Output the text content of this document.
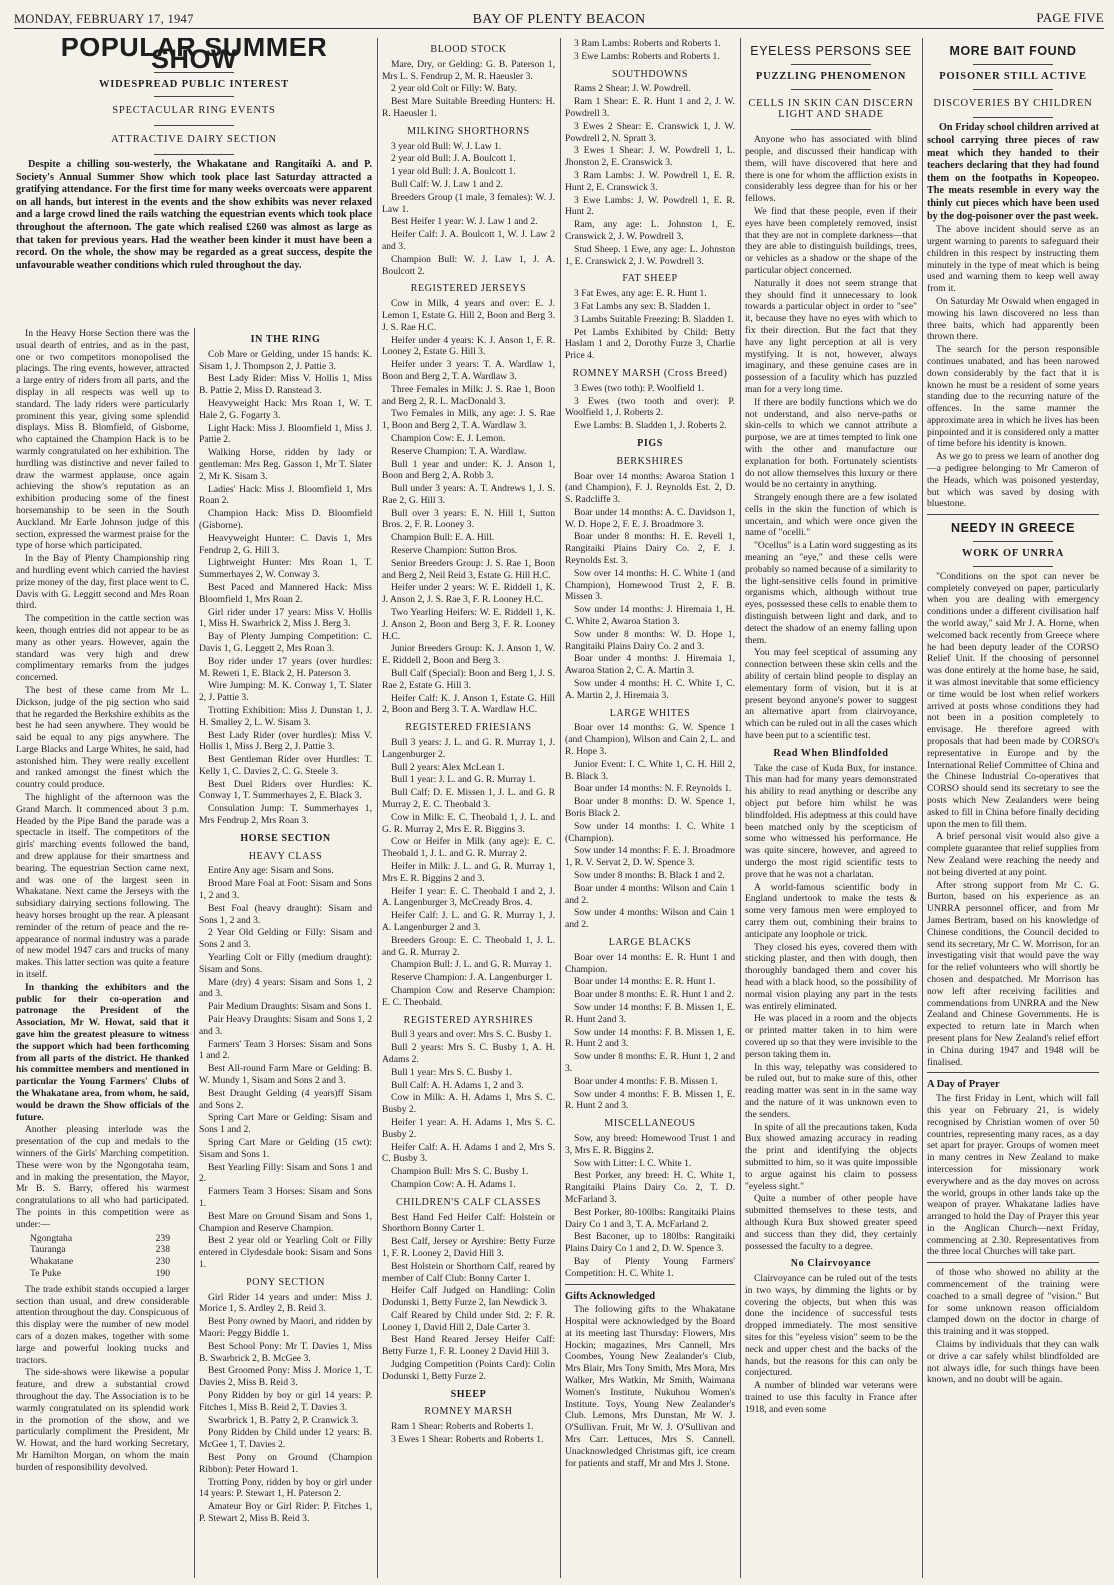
MONDAY, FEBRUARY 17, 1947	BAY OF PLENTY BEACON	PAGE FIVE
POPULAR SUMMER SHOW
WIDESPREAD PUBLIC INTEREST
SPECTACULAR RING EVENTS
ATTRACTIVE DAIRY SECTION

Despite a chilling sou-westerly, the Whakatane and Rangitaiki A. and P. Society's Annual Summer Show which took place last Saturday attracted a gratifying attendance. For the first time for many weeks overcoats were apparent on all hands, but interest in the events and the show exhibits was never relaxed and a large crowd lined the rails watching the equestrian events which took place throughout the afternoon. The gate which realised £260 was almost as large as that taken for previous years. Had the weather been kinder it must have been a record. On the whole, the show may be regarded as a great success, despite the unfavourable weather conditions which ruled throughout the day.

In the Heavy Horse Section there was the usual dearth of entries, and as in the past, one or two competitors monopolised the placings. The ring events, however, attracted a large entry of riders from all parts, and the display in all respects was well up to standard. The lady riders were particularly prominent this year, giving some splendid displays. Miss B. Blomfield, of Gisborne, who captained the Champion Hack is to be warmly congratulated on her exhibition. The hurdling was distinctive and never failed to draw the warmest applause, once again achieving the show's reputation as an exhibition producing some of the finest horsemanship to be seen in the South Auckland. Mr Earle Johnson judge of this section, expressed the warmest praise for the type of horse which participated.

In the Bay of Plenty Championship ring and hurdling event which carried the haviest prize money of the day, first place went to C. Davis with G. Leggitt second and Mrs Roan third.

The competition in the cattle section was keen, though entries did not appear to be as many as other years. However, again the standard was very high and drew complimentary remarks from the judges concerned.

The best of these came from Mr L. Dickson, judge of the pig section who said that he regarded the Berkshire exhibits as the best he had seen anywhere. They would be said be equal to any pigs anywhere. The Large Blacks and Large Whites, he said, had astonished him. They were really excellent and ranked amongst the finest which the country could produce.

The highlight of the afternoon was the Grand March. It commenced about 3 p.m. Headed by the Pipe Band the parade was a spectacle in itself. The competitors of the girls' marching events followed the band, and drew applause for their smartness and bearing. The equestrian Section came next, and was one of the largest seen in Whakatane. Next came the Jerseys with the subsidiary dairying sections following. The heavy horses brought up the rear. A pleasant reminder of the return of peace and the re-appearance of normal industry was a parade of new model 1947 cars and trucks of many makes. This latter section was quite a feature in itself.

In thanking the exhibitors and the public for their co-operation and patronage the President of the Association, Mr W. Howat, said that it gave him the greatest pleasure to witness the support which had been forthcoming from all parts of the district. He thanked his committee members and mentioned in particular the Young Farmers' Clubs of the Whakatane area, from whom, he said, would be drawn the Show officials of the future.

Another pleasing interlude was the presentation of the cup and medals to the winners of the Girls' Marching competition. These were won by the Ngongotaha team, and in making the presentation, the Mayor, Mr B. S. Barry, offered his warmest congratulations to all who had participated. The points in this competition were as under:—

Ngongtaha	239
Tauranga	238
Whakatane	230
Te Puke	190

The trade exhibit stands occupied a larger section than usual, and drew considerable attention throughout the day. Conspicuous of this display were the number of new model cars of a dozen makes, together with some large and powerful looking trucks and tractors.

The side-shows were likewise a popular feature, and drew a substantial crowd throughout the day. The Association is to be warmly congratulated on its splendid work in the promotion of the show, and we particularly compliment the President, Mr W. Howat, and the hard working Secretary, Mr Hamilton Morgan, on whom the main burden of responsibility devolved.

IN THE RING

Cob Mare or Gelding, under 15 hands: K. Sisam 1, J. Thompson 2, J. Pattie 3.

Best Lady Rider: Miss V. Hollis 1, Miss B. Pattie 2, Miss D. Ranstead 3.

Heavyweight Hack: Mrs Roan 1, W. T. Hale 2, G. Fogarty 3.

Light Hack: Miss J. Bloomfield 1, Miss J. Pattie 2.

Walking Horse, ridden by lady or gentleman: Mrs Reg. Gasson 1, Mr T. Slater 2, Mr K. Sisam 3.

Ladies' Hack: Miss J. Bloomfield 1, Mrs Roan 2.

Champion Hack: Miss D. Bloomfield (Gisborne).

Heavyweight Hunter: C. Davis 1, Mrs Fendrup 2, G. Hill 3.

Lightweight Hunter: Mrs Roan 1, T. Summerhayes 2, W. Conway 3.

Best Paced and Mannered Hack: Miss Bloomfield 1, Mrs Roan 2.

Girl rider under 17 years: Miss V. Hollis 1, Miss H. Swarbrick 2, Miss J. Berg 3.

Bay of Plenty Jumping Competition: C. Davis 1, G. Leggett 2, Mrs Roan 3.

Boy rider under 17 years (over hurdles: M. Reweti 1, E. Black 2, H. Paterson 3.

Wire Jumping: M. K. Conway 1, T. Slater 2, J. Pattie 3.

Trotting Exhibition: Miss J. Dunstan 1, J. H. Smalley 2, L. W. Sisam 3.

Best Lady Rider (over hurdles): Miss V. Hollis 1, Miss J. Berg 2, J. Pattie 3.

Best Gentleman Rider over Hurdles: T. Kelly 1, C. Davies 2, C. G. Steele 3.

Best Duel Riders over Hurdles: K. Conway 1, T. Summerhayes 2, E. Black 3.

Consulation Jump: T. Summerhayes 1, Mrs Fendrup 2, Mrs Roan 3.

HORSE SECTION
HEAVY CLASS

Entire Any age: Sisam and Sons.

Brood Mare Foal at Foot: Sisam and Sons 1, 2 and 3.

Best Foal (heavy draught): Sisam and Sons 1, 2 and 3.

2 Year Old Gelding or Filly: Sisam and Sons 2 and 3.

Yearling Colt or Filly (medium draught): Sisam and Sons.

Mare (dry) 4 years: Sisam and Sons 1, 2 and 3.

Pair Medium Draughts: Sisam and Sons 1.

Pair Heavy Draughts: Sisam and Sons 1, 2 and 3.

Farmers' Team 3 Horses: Sisam and Sons 1 and 2.

Best All-round Farm Mare or Gelding: B. W. Mundy 1, Sisam and Sons 2 and 3.

Best Draught Gelding (4 years)ff Sisam and Sons 2.

Spring Cart Mare or Gelding: Sisam and Sons 1 and 2.

Spring Cart Mare or Gelding (15 cwt): Sisam and Sons 1.

Best Yearling Filly: Sisam and Sons 1 and 2.

Farmers Team 3 Horses: Sisam and Sons 1.

Best Mare on Ground Sisam and Sons 1, Champion and Reserve Champion.

Best 2 year old or Yearling Colt or Filly entered in Clydesdale book: Sisam and Sons 1.

PONY SECTION

Girl Rider 14 years and under: Miss J. Morice 1, S. Ardley 2, B. Reid 3.

Best Pony owned by Maori, and ridden by Maori: Peggy Biddle 1.

Best School Pony: Mr T. Davies 1, Miss B. Swarbrick 2, B. McGee 3.

Best Groomed Pony: Miss J. Morice 1, T. Davies 2, Miss B. Reid 3.

Pony Ridden by boy or girl 14 years: P. Fitches 1, Miss B. Reid 2, T. Davies 3.

Swarbrick 1, B. Patty 2, P. Cranwick 3.

Pony Ridden by Child under 12 years: B. McGee 1, T. Davies 2.

Best Pony on Ground (Champion Ribbon): Peter Howard 1.

Trotting Pony, ridden by boy or girl under 14 years: P. Stewart 1, H. Paterson 2.

Amateur Boy or Girl Rider: P. Fitches 1, P. Stewart 2, Miss B. Reid 3.

BLOOD STOCK

Mare, Dry, or Gelding: G. B. Paterson 1, Mrs L. S. Fendrup 2, M. R. Haeusler 3.

2 year old Colt or Filly: W. Baty.

Best Mare Suitable Breeding Hunters: H. R. Haeusler 1.

MILKING SHORTHORNS

3 year old Bull: W. J. Law 1.

2 year old Bull: J. A. Boulcott 1.

1 year old Bull: J. A. Boulcott 1.

Bull Calf: W. J. Law 1 and 2.

Breeders Group (1 male, 3 females): W. J. Law 1.

Best Heifer 1 year: W. J. Law 1 and 2.

Heifer Calf: J. A. Boulcott 1, W. J. Law 2 and 3.

Champion Bull: W. J. Law 1, J. A. Boulcott 2.

REGISTERED JERSEYS

Cow in Milk, 4 years and over: E. J. Lemon 1, Estate G. Hill 2, Boon and Berg 3. J. S. Rae H.C.

Heifer under 4 years: K. J. Anson 1, F. R. Looney 2, Estate G. Hill 3.

Heifer under 3 years: T. A. Wardlaw 1, Boon and Berg 2, T. A. Wardlaw 3.

Three Females in Milk: J. S. Rae 1, Boon and Berg 2, R. L. MacDonald 3.

Two Females in Milk, any age: J. S. Rae 1, Boon and Berg 2, T. A. Wardlaw 3.

Champion Cow: E. J. Lemon.

Reserve Champion: T. A. Wardlaw.

Bull 1 year and under: K. J. Anson 1, Boon and Berg 2, A. Robb 3.

Bull under 3 years: A. T. Andrews 1, J. S. Rae 2, G. Hill 3.

Bull over 3 years: E. N. Hill 1, Sutton Bros. 2, F. R. Looney 3.

Champion Bull: E. A. Hill.

Reserve Champion: Sutton Bros.

Senior Breeders Group: J. S. Rae 1, Boon and Berg 2, Neil Reid 3, Estate G. Hill H.C.

Heifer under 2 years: W. E. Riddell 1, K. J. Anson 2, J. S. Rae 3, F. R. Looney H.C.

Two Yearling Heifers: W. E. Riddell 1, K. J. Anson 2, Boon and Berg 3, F. R. Looney H.C.

Junior Breeders Group: K. J. Anson 1, W. E. Riddell 2, Boon and Berg 3.

Bull Calf (Special): Boon and Berg 1, J. S. Rae 2, Estate G. Hill 3.

Heifer Calf: K. J. Anson 1, Estate G. Hill 2, Boon and Berg 3. T. A. Wardlaw H.C.

REGISTERED FRIESIANS

Bull 3 years: J. L. and G. R. Murray 1, J. Langenburger 2.

Bull 2 years: Alex McLean 1.

Bull 1 year: J. L. and G. R. Murray 1.

Bull Calf: D. E. Missen 1, J. L. and G. R Murray 2, E. C. Theobald 3.

Cow in Milk: E. C. Theobald 1, J. L. and G. R. Murray 2, Mrs E. R. Biggins 3.

Cow or Heifer in Milk (any age): E. C. Theobald 1, J. L. and G. R. Murray 2.

Heifer in Milk: J. L. and G. R. Murray 1, Mrs E. R. Biggins 2 and 3.

Heifer 1 year: E. C. Theobald 1 and 2, J. A. Langenburger 3, McCready Bros. 4.

Heifer Calf: J. L. and G. R. Murray 1, J. A. Langenburger 2 and 3.

Breeders Group: E. C. Theobald 1, J. L. and G. R. Murray 2.

Champion Bull: J. L. and G. R. Murray 1.

Reserve Champion: J. A. Langenburger 1.

Champion Cow and Reserve Champion: E. C. Theobald.

REGISTERED AYRSHIRES

Bull 3 years and over: Mrs S. C. Busby 1.

Bull 2 years: Mrs S. C. Busby 1, A. H. Adams 2.

Bull 1 year: Mrs S. C. Busby 1.

Bull Calf: A. H. Adams 1, 2 and 3.

Cow in Milk: A. H. Adams 1, Mrs S. C. Busby 2.

Heifer 1 year: A. H. Adams 1, Mrs S. C. Busby 2.

Heifer Calf: A. H. Adams 1 and 2, Mrs S. C. Busby 3.

Champion Bull: Mrs S. C. Busby 1.

Champion Cow: A. H. Adams 1.

CHILDREN'S CALF CLASSES

Best Hand Fed Heifer Calf: Holstein or Shorthorn Bonny Carter 1.

Best Calf, Jersey or Ayrshire: Betty Furze 1, F. R. Looney 2, David Hill 3.

Best Holstein or Shorthorn Calf, reared by member of Calf Club: Bonny Carter 1.

Heifer Calf Judged on Handling: Colin Dodunski 1, Betty Furze 2, Ian Newdick 3.

Calf Reared by Child under Std. 2: F. R. Looney 1, David Hill 2, Dale Carter 3.

Best Hand Reared Jersey Heifer Calf: Betty Furze 1, F. R. Looney 2 David Hill 3.

Judging Competition (Points Card): Colin Dodunski 1, Betty Furze 2.

SHEEP
ROMNEY MARSH

Ram 1 Shear: Roberts and Roberts 1.

3 Ewes 1 Shear: Roberts and Roberts 1.

3 Ram Lambs: Roberts and Roberts 1.

3 Ewe Lambs: Roberts and Roberts 1.

SOUTHDOWNS

Rams 2 Shear: J. W. Powdrell.

Ram 1 Shear: E. R. Hunt 1 and 2, J. W. Powdrell 3.

3 Ewes 2 Shear: E. Cranswick 1, J. W. Powdrell 2, N. Spratt 3.

3 Ewes 1 Shear: J. W. Powdrell 1, L. Jhonston 2, E. Cranswick 3.

3 Ram Lambs: J. W. Powdrell 1, E. R. Hunt 2, E. Cranswick 3.

3 Ewe Lambs: J. W. Powdrell 1, E. R. Hunt 2.

Ram, any age: L. Johnston 1, E. Cranswick 2, J. W. Powdrell 3.

Stud Sheep. 1 Ewe, any age: L. Johnston 1, E. Cranswick 2, J. W. Powdrell 3.

FAT SHEEP

3 Fat Ewes, any age: E. R. Hunt 1.

3 Fat Lambs any sex: B. Sladden 1.

3 Lambs Suitable Freezing: B. Sladden 1.

Pet Lambs Exhibited by Child: Betty Haslam 1 and 2, Dorothy Furze 3, Charlie Price 4.

ROMNEY MARSH (Cross Breed)

3 Ewes (two toth): P. Woolfield 1.

3 Ewes (two tooth and over): P. Woolfield 1, J. Roberts 2.

Ewe Lambs: B. Sladden 1, J. Roberts 2.

PIGS
BERKSHIRES

Boar over 14 months: Awaroa Station 1 (and Champion), F. J. Reynolds Est. 2, D. S. Radcliffe 3.

Boar under 14 months: A. C. Davidson 1, W. D. Hope 2, F. E. J. Broadmore 3.

Boar under 8 months: H. E. Revell 1, Rangitaiki Plains Dairy Co. 2, F. J. Reynolds Est. 3.

Sow over 14 months: H. C. White 1 (and Champion), Homewood Trust 2, F. B. Missen 3.

Sow under 14 months: J. Hiremaia 1, H. C. White 2, Awaroa Station 3.

Sow under 8 months: W. D. Hope 1, Rangitaiki Plains Dairy Co. 2 and 3.

Boar under 4 months: J. Hiremaia 1, Awaroa Station 2, C. A. Martin 3.

Sow under 4 months: H. C. White 1, C. A. Martin 2, J. Hiremaia 3.

LARGE WHITES

Boar over 14 months: G. W. Spence 1 (and Champion), Wilson and Cain 2, L. and R. Hope 3.

Junior Event: I. C. White 1, C. H. Hill 2, B. Black 3.

Boar under 14 months: N. F. Reynolds 1.

Boar under 8 months: D. W. Spence 1, Boris Black 2.

Sow under 14 months: I. C. White 1 (Champion).

Sow under 14 months: F. E. J. Broadmore 1, R. V. Servat 2, D. W. Spence 3.

Sow under 8 months: B. Black 1 and 2.

Boar under 4 months: Wilson and Cain 1 and 2.

Sow under 4 months: Wilson and Cain 1 and 2.

LARGE BLACKS

Boar over 14 months: E. R. Hunt 1 and Champion.

Boar under 14 months: E. R. Hunt 1.

Boar under 8 months: E. R. Hunt 1 and 2.

Sow under 14 months: F. B. Missen 1, E. R. Hunt 2and 3.

Sow under 14 months: F. B. Missen 1, E. R. Hunt 2 and 3.

Sow under 8 months: E. R. Hunt 1, 2 and 3.

Boar under 4 months: F. B. Missen 1.

Sow under 4 months: F. B. Missen 1, E. R. Hunt 2 and 3.

MISCELLANEOUS

Sow, any breed: Homewood Trust 1 and 3, Mrs E. R. Biggins 2.

Sow with Litter: I. C. White 1.

Best Porker, any breed: H. C. White 1, Rangitaiki Plains Dairy Co. 2, T. D. McFarland 3.

Best Porker, 80-100lbs: Rangitaiki Plains Dairy Co 1 and 3, T. A. McFarland 2.

Best Baconer, up to 180lbs: Rangitaiki Plains Dairy Co 1 and 2, D. W. Spence 3.

Bay of Plenty Young Farmers' Competition: H. C. White 1.

Gifts Acknowledged

The following gifts to the Whakatane Hospital were acknowledged by the Board at its meeting last Thursday: Flowers, Mrs Hockin; magazines, Mrs Cannell, Mrs Coombes, Young New Zealander's Club, Mrs Blair, Mrs Tony Smith, Mrs Mora, Mrs Walker, Mrs Watkin, Mr Smith, Waimana Women's Institute, Nukuhou Women's Institute. Toys, Young New Zealander's Club. Lemons, Mrs Dunstan, Mr W. J. O'Sullivan. Fruit, Mr W. J. O'Sullivan and Mrs Carr. Lettuces, Mrs S. Cannell. Unacknowledged Christmas gift, ice cream for patients and staff, Mr and Mrs J. Stone.

EYELESS PERSONS SEE
PUZZLING PHENOMENON
CELLS IN SKIN CAN DISCERN LIGHT AND SHADE

Anyone who has associated with blind people, and discussed their handicap with them, will have discovered that here and there is one for whom the affliction exists in considerably less degree than for his or her fellows.

We find that these people, even if their eyes have been completely removed, insist that they are not in complete darkness—that they are able to distinguish buildings, trees, or vehicles as a shadow or the shape of the particular object concerned.

Naturally it does not seem strange that they should find it unnecessary to look towards a particular object in order to "see" it, because they have no eyes with which to fix their direction. But the fact that they have any light perception at all is very mystifying. It is not, however, always imaginary, and these genuine cases are in possession of a faculity which has puzzled man for a very long time.

If there are bodily functions which we do not understand, and also nerve-paths or skin-cells to which we cannot attribute a purpose, we are at times tempted to link one with the other and manufacture our explanation for both. Fortunately scientists do not allow themselves this luxury or there would be no certainty in anything.

Strangely enough there are a few isolated cells in the skin the function of which is uncertain, and which were once given the name of "ocelli."

"Ocellus" is a Latin word suggesting as its meaning an "eye," and these cells were probably so named because of a similarity to the light-sensitive cells found in primitive organisms which, although without true eyes, possessed these cells to enable them to distinguish between light and dark, and to detect the shadow of an enemy falling upon them.

You may feel sceptical of assuming any connection between these skin cells and the ability of certain blind people to display an elementary form of vision, but it is at present beyond anyone's power to suggest an alternative apart from clairvoyance, which can be ruled out in all the cases which have been put to a scientific test.

Read When Blindfolded

Take the case of Kuda Bux, for instance. This man had for many years demonstrated his ability to read anything or describe any object put before him whilst he was blindfolded. His adeptness at this could have been matched only by the scepticism of some who witnessed his performance. He was quite sincere, however, and agreed to undergo the most rigid scientific tests to prove that he was not a charlatan.

A world-famous scientific body in England undertook to make the tests & some very famous men were employed to carry them out, combining their brains to anticipate any loophole or trick.

They closed his eyes, covered them with sticking plaster, and then with dough, then thoroughly bandaged them and cover his head with a black hood, so the possibility of normal vision playing any part in the tests was entirely eliminated.

He was placed in a room and the objects or printed matter taken in to him were covered up so that they were invisible to the person taking them in.

In this way, telepathy was considered to be ruled out, but to make sure of this, other reading matter was sent in in the same way and the nature of it was unknown even to the senders.

In spite of all the precautions taken, Kuda Bux showed amazing accuracy in reading the print and identifying the objects submitted to him, so it was quite impossible to argue against his claim to possess "eyeless sight."

Quite a number of other people have submitted themselves to these tests, and although Kura Bux showed greater speed and success than they did, they certainly possessed the faculty to a degree.

No Clairvoyance

Clairvoyance can be ruled out of the tests in two ways, by dimming the lights or by covering the objects, but when this was done the incidence of successful tests dropped immediately. The most sensitive sites for this "eyeless vision" seem to be the neck and upper chest and the backs of the hands, but the reasons for this can only be conjectured.

A number of blinded war veterans were trained to use this faculty in France after 1918, and even some

MORE BAIT FOUND
POISONER STILL ACTIVE
DISCOVERIES BY CHILDREN

On Friday school children arrived at school carrying three pieces of raw meat which they handed to their teachers declaring that they had found them on the footpaths in Kopeopeo. The meats resemble in every way the thinly cut pieces which have been used by the dog-poisoner over the past week.

The above incident should serve as an urgent warning to parents to safeguard their children in this respect by instructing them minutely in the type of meat which is being used and warning them to keep well away from it.

On Saturday Mr Oswald when engaged in mowing his lawn discovered no less than three baits, which had apparently been thrown there.

The search for the person responsible continues unabated, and has been narowed down considerably by the fact that it is known he must be a resident of some years standing due to the recurring nature of the offences. In the same manner the approximate area in which he lives has been pinpointed and it is considered only a matter of time before his identity is known.

As we go to press we learn of another dog—a pedigree belonging to Mr Cameron of the Heads, which was poisoned yesterday, but which was saved by dosing with bluestone.

NEEDY IN GREECE
WORK OF UNRRA

"Conditions on the spot can never be completely conveyed on paper, particularly when you are dealing with emergency conditions under a different civilisation half the world away," said Mr J. A. Horne, when welcomed back recently from Greece where he had been deputy leader of the CORSO Relief Unit. If the choosing of personnel was done entirely at the home base, he said, it was almost inevitable that some efficiency or time would be lost when relief workers arrived at posts whose conditions they had not been in a position completely to envisage. He therefore agreed with proposals that had been made by CORSO's representative in Europe and by the International Relief Committee of China and the Chinese Industrial Co-operatives that CORSO should send its secretary to see the posts which New Zealanders were being asked to fill in China before finally deciding upon the men to fill them.

A brief personal visit would also give a complete guarantee that relief supplies from New Zealand were reaching the needy and not being diverted at any point.

After strong support from Mr C. G. Burton, based on his experience as an UNRRA personnel officer, and from Mr James Bertram, based on his knowledge of Chinese conditions, the Council decided to send its secretary, Mr C. W. Morrison, for an investigating visit that would pave the way for the relief volunteers who will shortly be chosen and despatched. Mr Morrison has now left after receiving facilities and commendations from UNRRA and the New Zealand and Chinese Governments. He is expected to return late in March when present plans for New Zealand's relief effort in China during 1947 and 1948 will be finalised.

A Day of Prayer

The first Friday in Lent, which will fall this year on February 21, is widely recognised by Christian women of over 50 countries, representing many races, as a day set apart for prayer. Groups of women meet in many centres in New Zealand to make intercession for missionary work everywhere and as the day moves on across the world, groups in other lands take up the weapon of prayer. Whakatane ladies have arranged to hold the Day of Prayer this year in the Anglican Church—next Friday, commencing at 2.30. Representatives from the three local Churches will take part.

of those who showed no ability at the commencement of the training were coached to a small degree of "vision." But for some unknown reason officialdom clamped down on the doctor in charge of this training and it was stopped.

Claims by individuals that they can walk or drive a car safely whilst blindfolded are not always idle, for such things have been known, and no doubt will be again.
